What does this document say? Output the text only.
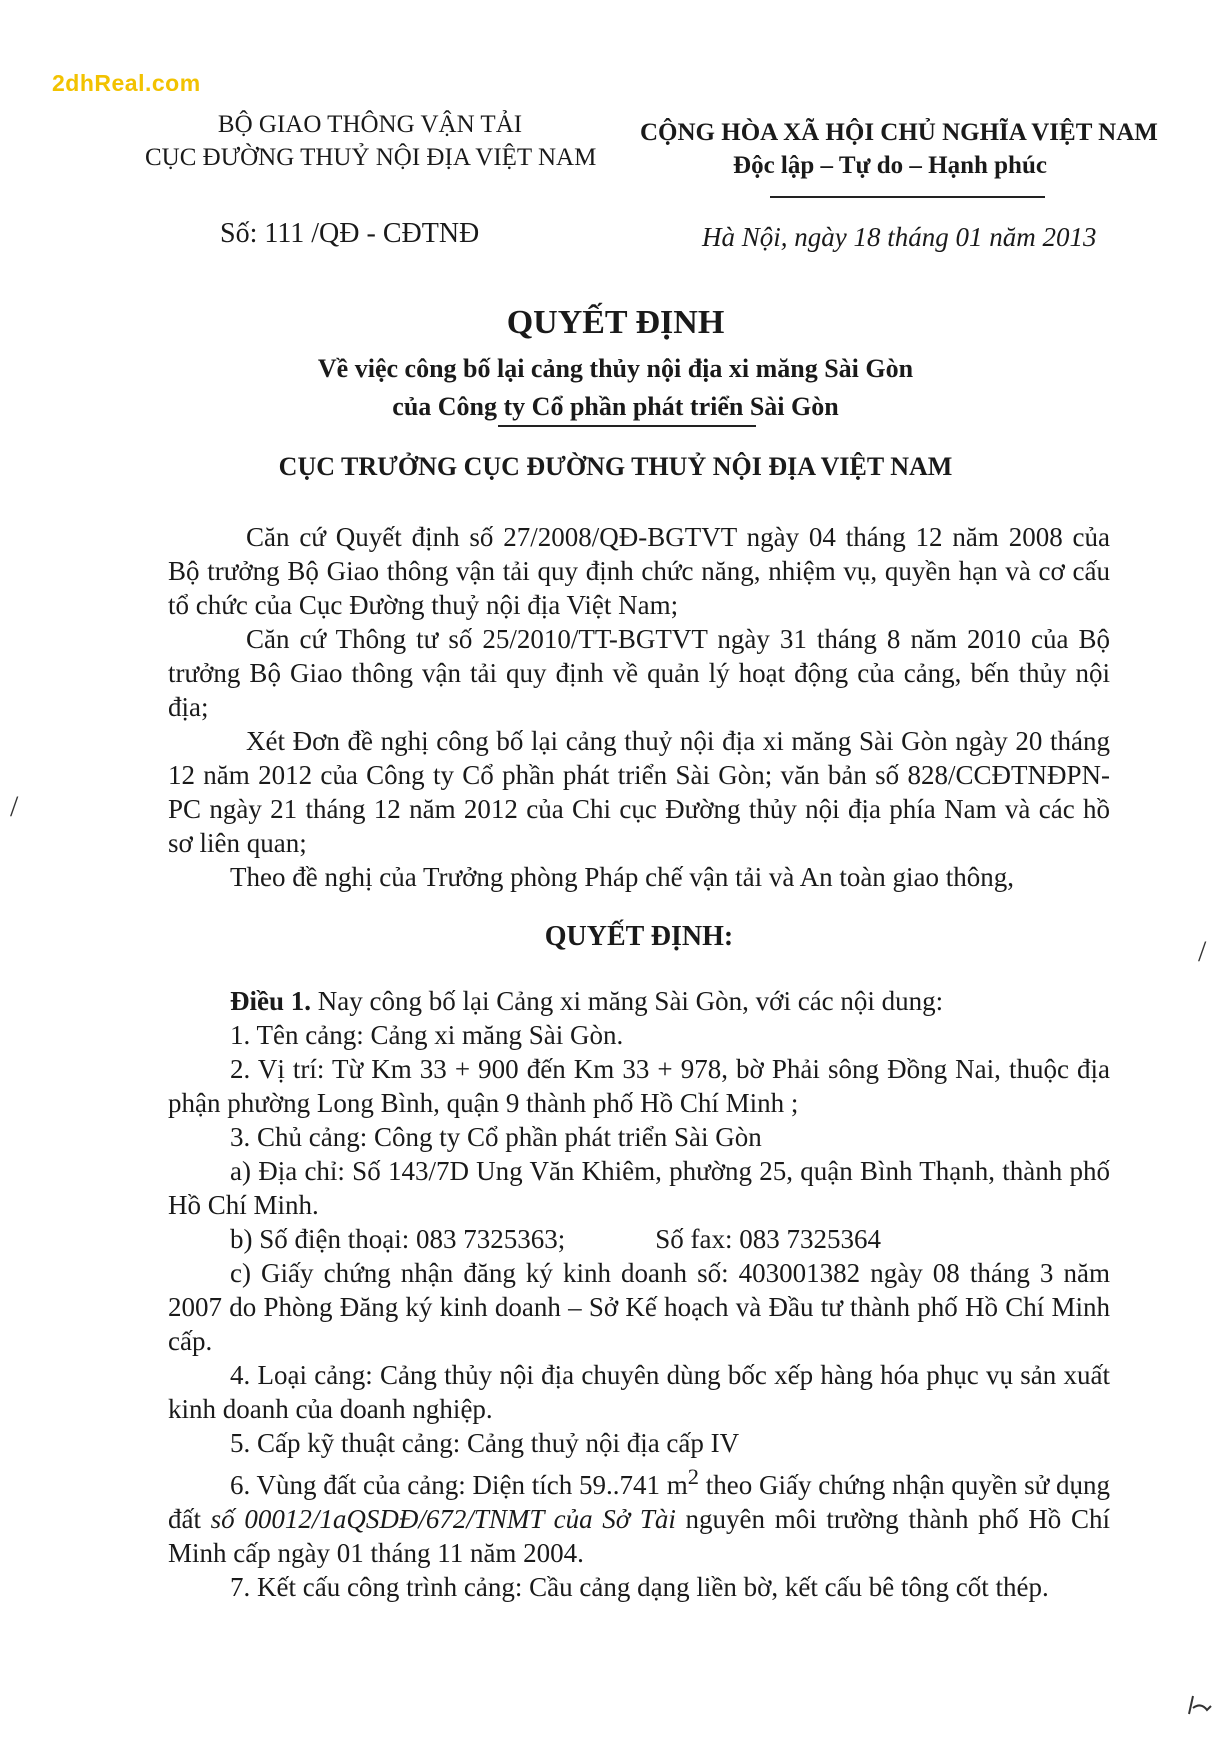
2dhReal.com
BỘ GIAO THÔNG VẬN TẢI
CỤC ĐƯỜNG THUỶ NỘI ĐỊA VIỆT NAM
CỘNG HÒA XÃ HỘI CHỦ NGHĨA VIỆT NAM
Độc lập – Tự do – Hạnh phúc
Số: 111 /QĐ - CĐTNĐ	Hà Nội, ngày 18 tháng 01 năm 2013
QUYẾT ĐỊNH
Về việc công bố lại cảng thủy nội địa xi măng Sài Gòn
của Công ty Cổ phần phát triển Sài Gòn
CỤC TRƯỞNG CỤC ĐƯỜNG THUỶ NỘI ĐỊA VIỆT NAM

Căn cứ Quyết định số 27/2008/QĐ-BGTVT ngày 04 tháng 12 năm 2008 của Bộ trưởng Bộ Giao thông vận tải quy định chức năng, nhiệm vụ, quyền hạn và cơ cấu tổ chức của Cục Đường thuỷ nội địa Việt Nam;

Căn cứ Thông tư số 25/2010/TT-BGTVT ngày 31 tháng 8 năm 2010 của Bộ trưởng Bộ Giao thông vận tải quy định về quản lý hoạt động của cảng, bến thủy nội địa;

Xét Đơn đề nghị công bố lại cảng thuỷ nội địa xi măng Sài Gòn ngày 20 tháng 12 năm 2012 của Công ty Cổ phần phát triển Sài Gòn; văn bản số 828/CCĐTNĐPN-PC ngày 21 tháng 12 năm 2012 của Chi cục Đường thủy nội địa phía Nam và các hồ sơ liên quan;

Theo đề nghị của Trưởng phòng Pháp chế vận tải và An toàn giao thông,

QUYẾT ĐỊNH:

Điều 1. Nay công bố lại Cảng xi măng Sài Gòn, với các nội dung:

1. Tên cảng: Cảng xi măng Sài Gòn.

2. Vị trí: Từ Km 33 + 900 đến Km 33 + 978, bờ Phải sông Đồng Nai, thuộc địa phận phường Long Bình, quận 9 thành phố Hồ Chí Minh ;

3. Chủ cảng: Công ty Cổ phần phát triển Sài Gòn

a) Địa chỉ: Số 143/7D Ung Văn Khiêm, phường 25, quận Bình Thạnh, thành phố Hồ Chí Minh.

b) Số điện thoại: 083 7325363;	Số fax: 083 7325364

c) Giấy chứng nhận đăng ký kinh doanh số: 403001382 ngày 08 tháng 3 năm 2007 do Phòng Đăng ký kinh doanh – Sở Kế hoạch và Đầu tư thành phố Hồ Chí Minh cấp.

4. Loại cảng: Cảng thủy nội địa chuyên dùng bốc xếp hàng hóa phục vụ sản xuất kinh doanh của doanh nghiệp.

5. Cấp kỹ thuật cảng: Cảng thuỷ nội địa cấp IV

6. Vùng đất của cảng: Diện tích 59..741 $m^2$ theo Giấy chứng nhận quyền sử dụng đất số 00012/1aQSDĐ/672/TNMT của Sở Tài nguyên môi trường thành phố Hồ Chí Minh cấp ngày 01 tháng 11 năm 2004.

7. Kết cấu công trình cảng: Cầu cảng dạng liền bờ, kết cấu bê tông cốt thép.

/
/
